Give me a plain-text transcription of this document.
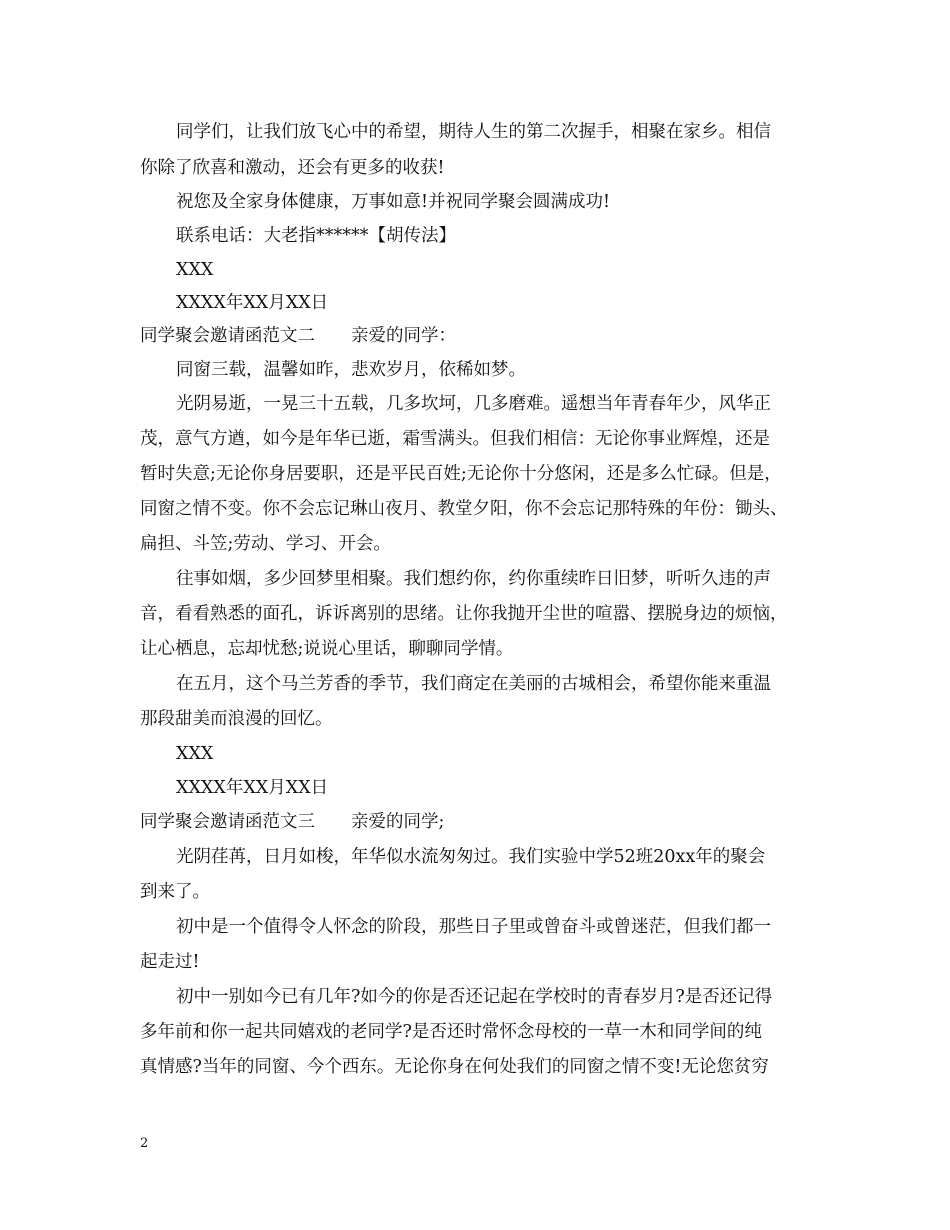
同学们，让我们放飞心中的希望，期待人生的第二次握手，相聚在家乡。相信
你除了欣喜和激动，还会有更多的收获!
祝您及全家身体健康，万事如意!并祝同学聚会圆满成功!
联系电话：大老指******【胡传法】
XXX
XXXX年XX月XX日
同学聚会邀请函范文二 亲爱的同学：
同窗三载，温馨如昨，悲欢岁月，依稀如梦。
光阴易逝，一晃三十五载，几多坎坷，几多磨难。遥想当年青春年少，风华正
茂，意气方遒，如今是年华已逝，霜雪满头。但我们相信：无论你事业辉煌，还是
暂时失意;无论你身居要职，还是平民百姓;无论你十分悠闲，还是多么忙碌。但是，
同窗之情不变。你不会忘记琳山夜月、教堂夕阳，你不会忘记那特殊的年份：锄头、
扁担、斗笠;劳动、学习、开会。
往事如烟，多少回梦里相聚。我们想约你，约你重续昨日旧梦，听听久违的声
音，看看熟悉的面孔，诉诉离别的思绪。让你我抛开尘世的喧嚣、摆脱身边的烦恼，
让心栖息，忘却忧愁;说说心里话，聊聊同学情。
在五月，这个马兰芳香的季节，我们商定在美丽的古城相会，希望你能来重温
那段甜美而浪漫的回忆。
XXX
XXXX年XX月XX日
同学聚会邀请函范文三 亲爱的同学;
光阴荏苒，日月如梭，年华似水流匆匆过。我们实验中学52班20xx年的聚会
到来了。
初中是一个值得令人怀念的阶段，那些日子里或曾奋斗或曾迷茫，但我们都一
起走过!
初中一别如今已有几年?如今的你是否还记起在学校时的青春岁月?是否还记得
多年前和你一起共同嬉戏的老同学?是否还时常怀念母校的一草一木和同学间的纯
真情感?当年的同窗、今个西东。无论你身在何处我们的同窗之情不变!无论您贫穷
2
